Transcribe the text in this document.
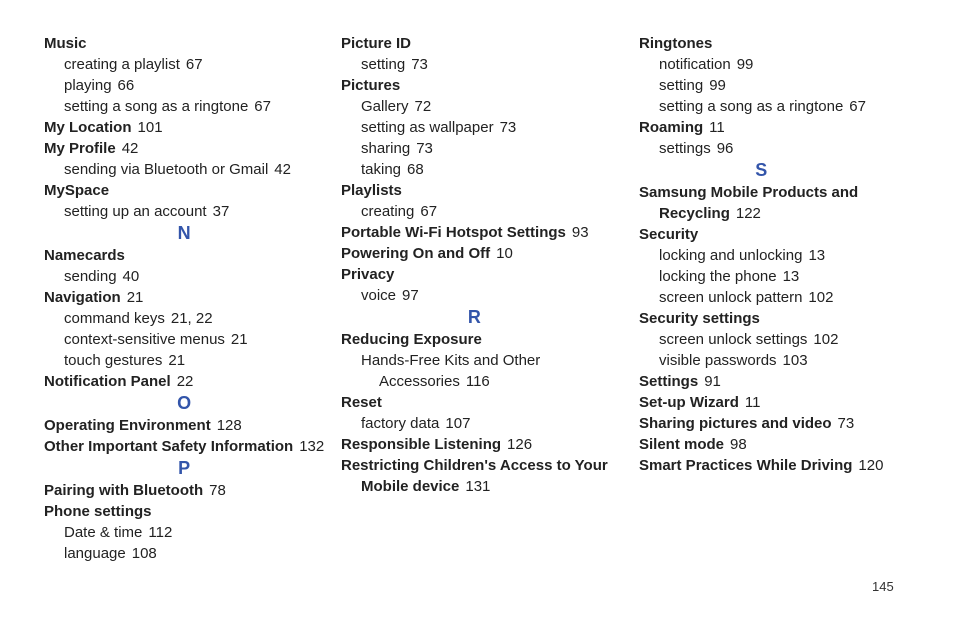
Music
creating a playlist 67
playing 66
setting a song as a ringtone 67
My Location 101
My Profile 42
sending via Bluetooth or Gmail 42
MySpace
setting up an account 37
N
Namecards
sending 40
Navigation 21
command keys 21, 22
context-sensitive menus 21
touch gestures 21
Notification Panel 22
O
Operating Environment 128
Other Important Safety Information 132
P
Pairing with Bluetooth 78
Phone settings
Date & time 112
language 108
Picture ID
setting 73
Pictures
Gallery 72
setting as wallpaper 73
sharing 73
taking 68
Playlists
creating 67
Portable Wi-Fi Hotspot Settings 93
Powering On and Off 10
Privacy
voice 97
R
Reducing Exposure
Hands-Free Kits and Other
Accessories 116
Reset
factory data 107
Responsible Listening 126
Restricting Children's Access to Your
Mobile device 131
Ringtones
notification 99
setting 99
setting a song as a ringtone 67
Roaming 11
settings 96
S
Samsung Mobile Products and
Recycling 122
Security
locking and unlocking 13
locking the phone 13
screen unlock pattern 102
Security settings
screen unlock settings 102
visible passwords 103
Settings 91
Set-up Wizard 11
Sharing pictures and video 73
Silent mode 98
Smart Practices While Driving 120
145
